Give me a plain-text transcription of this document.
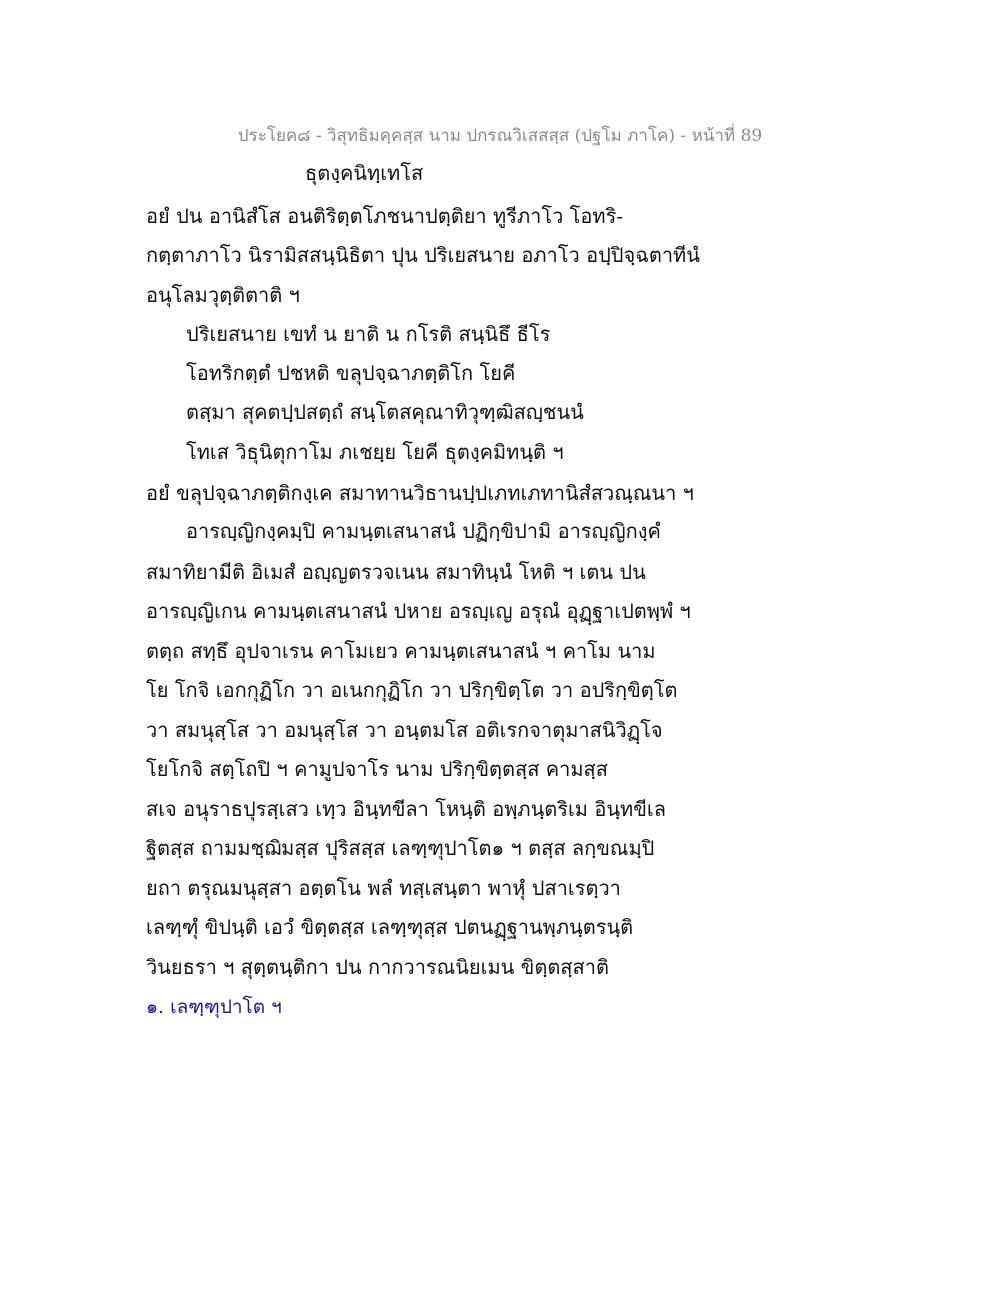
ประโยค๘ - วิสุทธิมคฺคสฺส นาม ปกรณวิเสสสฺส (ปฐโม ภาโค) - หน้าที่ 89
ธุตงฺคนิทฺเทโส
อยํ ปน อานิสํโส อนติริตฺตโภชนาปตฺติยา ทูรีภาโว โอทริ-
กตฺตาภาโว นิรามิสสนฺนิธิตา ปุน ปริเยสนาย อภาโว อปฺปิจฺฉตาทีนํ
อนุโลมวุตฺติตาติ ฯ
ปริเยสนาย เขทํ น ยาติ น กโรติ สนฺนิธึ ธีโร
โอทริกตฺตํ ปชหติ ขลุปจฺฉาภตฺติโก โยคี
ตสฺมา สุคตปฺปสตฺถํ สนฺโตสคุณาทิวุฑฺฒิสญฺชนนํ
โทเส วิธุนิตุกาโม ภเชยฺย โยคี ธุตงฺคมิทนฺติ ฯ
อยํ ขลุปจฺฉาภตฺติกงฺเค สมาทานวิธานปฺปเภทเภทานิสํสวณฺณนา ฯ
อารญฺญิกงฺคมฺปิ คามนฺตเสนาสนํ ปฏิกฺขิปามิ อารญฺญิกงฺคํ
สมาทิยามีติ อิเมสํ อญฺญตรวจเนน สมาทินฺนํ โหติ ฯ เตน ปน
อารญฺญิเกน คามนฺตเสนาสนํ ปหาย อรญฺเญ อรุณํ อุฏฺฐาเปตพฺพํ ฯ
ตตฺถ สทฺธึ อุปจาเรน คาโมเยว คามนฺตเสนาสนํ ฯ คาโม นาม
โย โกจิ เอกกุฏิโก วา อเนกกุฏิโก วา ปริกฺขิตฺโต วา อปริกฺขิตฺโต
วา สมนุสฺโส วา อมนุสฺโส วา อนฺตมโส อติเรกจาตุมาสนิวิฏฺโจ
โยโกจิ สตฺโถปิ ฯ คามูปจาโร นาม ปริกฺขิตฺตสฺส คามสฺส
สเจ อนุราธปุรสฺเสว เทฺว อินฺทขีลา โหนฺติ อพฺภนฺตริเม อินฺทขีเล
ฐิตสฺส ถามมชฺฌิมสฺส ปุริสสฺส เลฑฺฑุปาโต๑ ฯ ตสฺส ลกฺขณมฺปิ
ยถา ตรุณมนุสฺสา อตฺตโน พลํ ทสฺเสนฺตา พาหุํ ปสาเรตฺวา
เลฑฺฑุํ ขิปนฺติ เอวํ ขิตฺตสฺส เลฑฺฑุสฺส ปตนฏฺฐานพฺภนฺตรนฺติ
วินยธรา ฯ สุตฺตนฺติกา ปน กากวารณนิยเมน ขิตฺตสฺสาติ
๑. เลฑฺฑุปาโต ฯ
